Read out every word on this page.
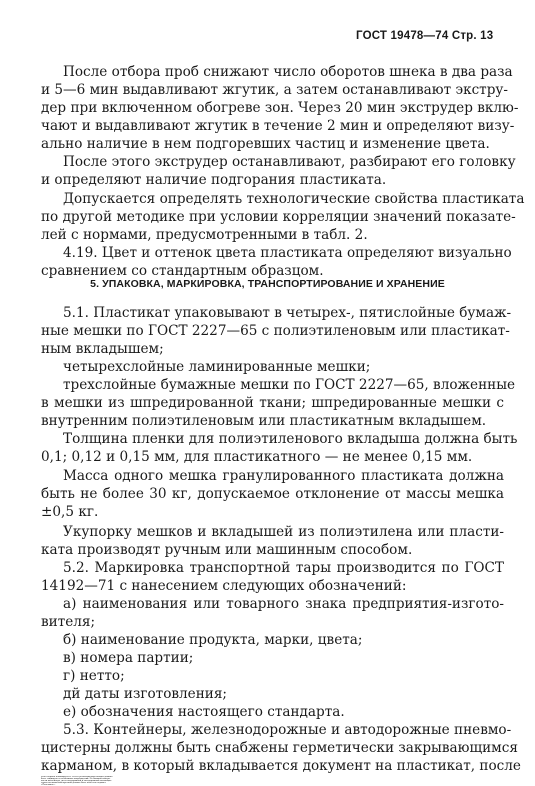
ГОСТ 19478—74 Стр. 13
После отбора проб снижают число оборотов шнека в два раза
и 5—6 мин выдавливают жгутик, а затем останавливают экстру-
дер при включенном обогреве зон. Через 20 мин экструдер вклю-
чают и выдавливают жгутик в течение 2 мин и определяют визу-
ально наличие в нем подгоревших частиц и изменение цвета.
После этого экструдер останавливают, разбирают его головку
и определяют наличие подгорания пластиката.
Допускается определять технологические свойства пластиката
по другой методике при условии корреляции значений показате-
лей с нормами, предусмотренными в табл. 2.
4.19. Цвет и оттенок цвета пластиката определяют визуально
сравнением со стандартным образцом.
5. УПАКОВКА, МАРКИРОВКА, ТРАНСПОРТИРОВАНИЕ И ХРАНЕНИЕ
5.1. Пластикат упаковывают в четырех-, пятислойные бумаж-
ные мешки по ГОСТ 2227—65 с полиэтиленовым или пластикат-
ным вкладышем;
четырехслойные ламинированные мешки;
трехслойные бумажные мешки по ГОСТ 2227—65, вложенные
в мешки из шпредированной ткани; шпредированные мешки с
внутренним полиэтиленовым или пластикатным вкладышем.
Толщина пленки для полиэтиленового вкладыша должна быть
0,1; 0,12 и 0,15 мм, для пластикатного — не менее 0,15 мм.
Масса одного мешка гранулированного пластиката должна
быть не более 30 кг, допускаемое отклонение от массы мешка
±0,5 кг.
Укупорку мешков и вкладышей из полиэтилена или пласти-
ката производят ручным или машинным способом.
5.2. Маркировка транспортной тары производится по ГОСТ
14192—71 с нанесением следующих обозначений:
а) наименования или товарного знака предприятия-изгото-
вителя;
б) наименование продукта, марки, цвета;
в) номера партии;
г) нетто;
дй даты изготовления;
е) обозначения настоящего стандарта.
5.3. Контейнеры, железнодорожные и автодорожные пневмо-
цистерны должны быть снабжены герметически закрывающимся
карманом, в который вкладывается документ на пластикат, после
этого карман пломбируется. Место расположения пломбы должно
быть защищено от возможных повреждений. На боковой поверх-
ности контейнера, железнодорожной и автодорожной пневмоцис-
терны несмываемой краской должна быть нанесена надпись
«Пластикат».
